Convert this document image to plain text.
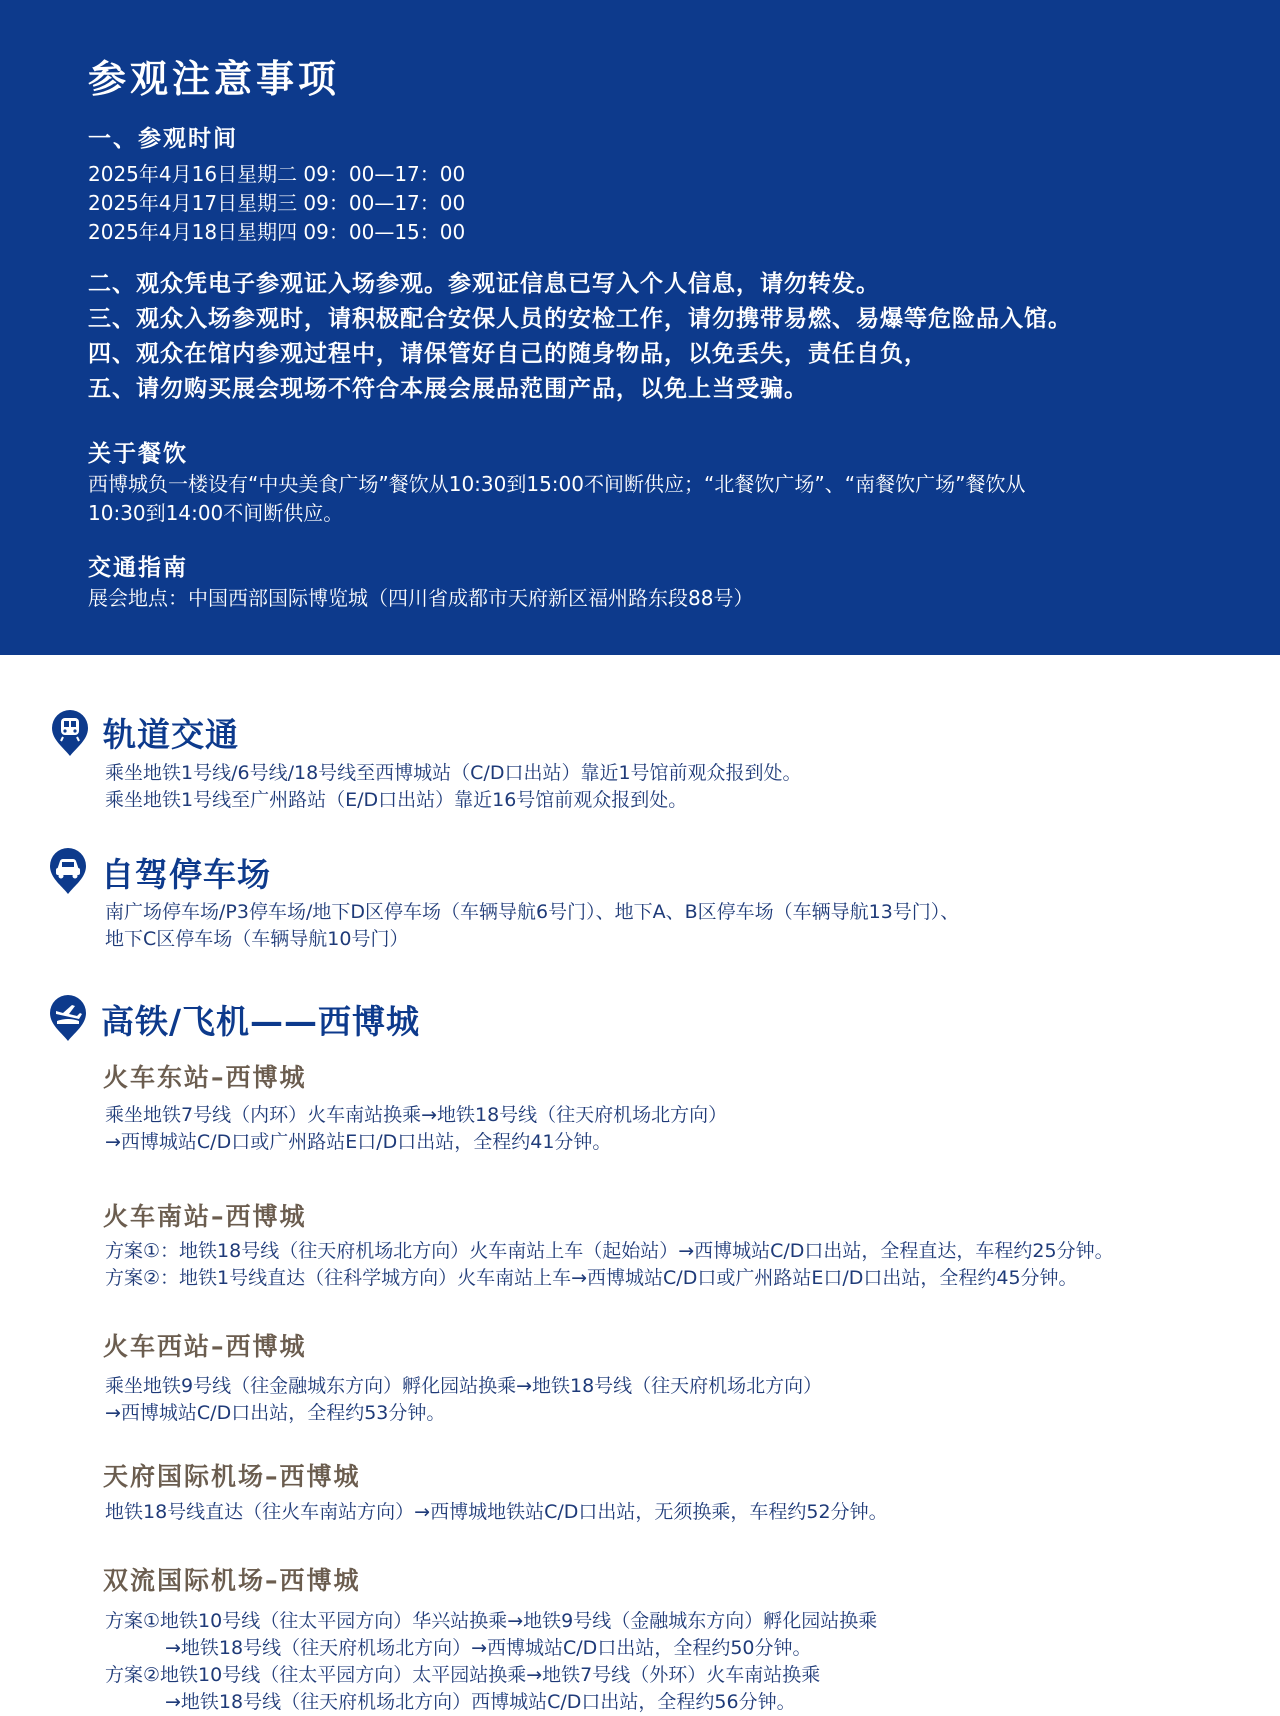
参观注意事项
一、参观时间
2025年4月16日星期二 09：00—17：00
2025年4月17日星期三 09：00—17：00
2025年4月18日星期四 09：00—15：00
二、观众凭电子参观证入场参观。参观证信息已写入个人信息，请勿转发。
三、观众入场参观时，请积极配合安保人员的安检工作，请勿携带易燃、易爆等危险品入馆。
四、观众在馆内参观过程中，请保管好自己的随身物品，以免丢失，责任自负，
五、请勿购买展会现场不符合本展会展品范围产品，以免上当受骗。
关于餐饮
西博城负一楼设有“中央美食广场”餐饮从10:30到15:00不间断供应；“北餐饮广场”、“南餐饮广场”餐饮从
10:30到14:00不间断供应。
交通指南
展会地点：中国西部国际博览城（四川省成都市天府新区福州路东段88号）
轨道交通
乘坐地铁1号线/6号线/18号线至西博城站（C/D口出站）靠近1号馆前观众报到处。
乘坐地铁1号线至广州路站（E/D口出站）靠近16号馆前观众报到处。
自驾停车场
南广场停车场/P3停车场/地下D区停车场（车辆导航6号门）、地下A、B区停车场（车辆导航13号门）、
地下C区停车场（车辆导航10号门）
高铁/飞机——西博城
火车东站–西博城
乘坐地铁7号线（内环）火车南站换乘→地铁18号线（往天府机场北方向）
→西博城站C/D口或广州路站E口/D口出站，全程约41分钟。
火车南站–西博城
方案①：地铁18号线（往天府机场北方向）火车南站上车（起始站）→西博城站C/D口出站，全程直达，车程约25分钟。
方案②：地铁1号线直达（往科学城方向）火车南站上车→西博城站C/D口或广州路站E口/D口出站，全程约45分钟。
火车西站–西博城
乘坐地铁9号线（往金融城东方向）孵化园站换乘→地铁18号线（往天府机场北方向）
→西博城站C/D口出站，全程约53分钟。
天府国际机场–西博城
地铁18号线直达（往火车南站方向）→西博城地铁站C/D口出站，无须换乘，车程约52分钟。
双流国际机场–西博城
方案①地铁10号线（往太平园方向）华兴站换乘→地铁9号线（金融城东方向）孵化园站换乘
→地铁18号线（往天府机场北方向）→西博城站C/D口出站，全程约50分钟。
方案②地铁10号线（往太平园方向）太平园站换乘→地铁7号线（外环）火车南站换乘
→地铁18号线（往天府机场北方向）西博城站C/D口出站，全程约56分钟。
